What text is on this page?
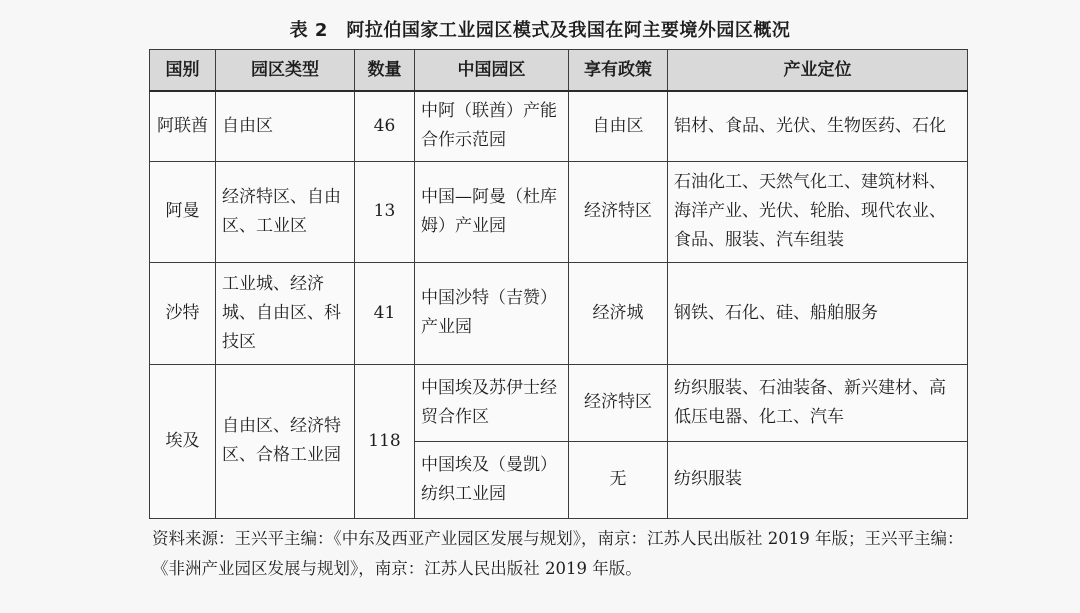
表 2　阿拉伯国家工业园区模式及我国在阿主要境外园区概况
国别	园区类型	数量	中国园区	享有政策	产业定位
阿联酋	自由区	46	中阿（联酋）产能合作示范园	自由区	铝材、食品、光伏、生物医药、石化
阿曼	经济特区、自由区、工业区	13	中国—阿曼（杜库姆）产业园	经济特区	石油化工、天然气化工、建筑材料、海洋产业、光伏、轮胎、现代农业、食品、服装、汽车组装
沙特	工业城、经济城、自由区、科技区	41	中国沙特（吉赞）产业园	经济城	钢铁、石化、硅、船舶服务
埃及	自由区、经济特区、合格工业园	118	中国埃及苏伊士经贸合作区	经济特区	纺织服装、石油装备、新兴建材、高低压电器、化工、汽车
			中国埃及（曼凯）纺织工业园	无	纺织服装
资料来源：王兴平主编：《中东及西亚产业园区发展与规划》，南京：江苏人民出版社 2019 年版；王兴平主编：《非洲产业园区发展与规划》，南京：江苏人民出版社 2019 年版。
